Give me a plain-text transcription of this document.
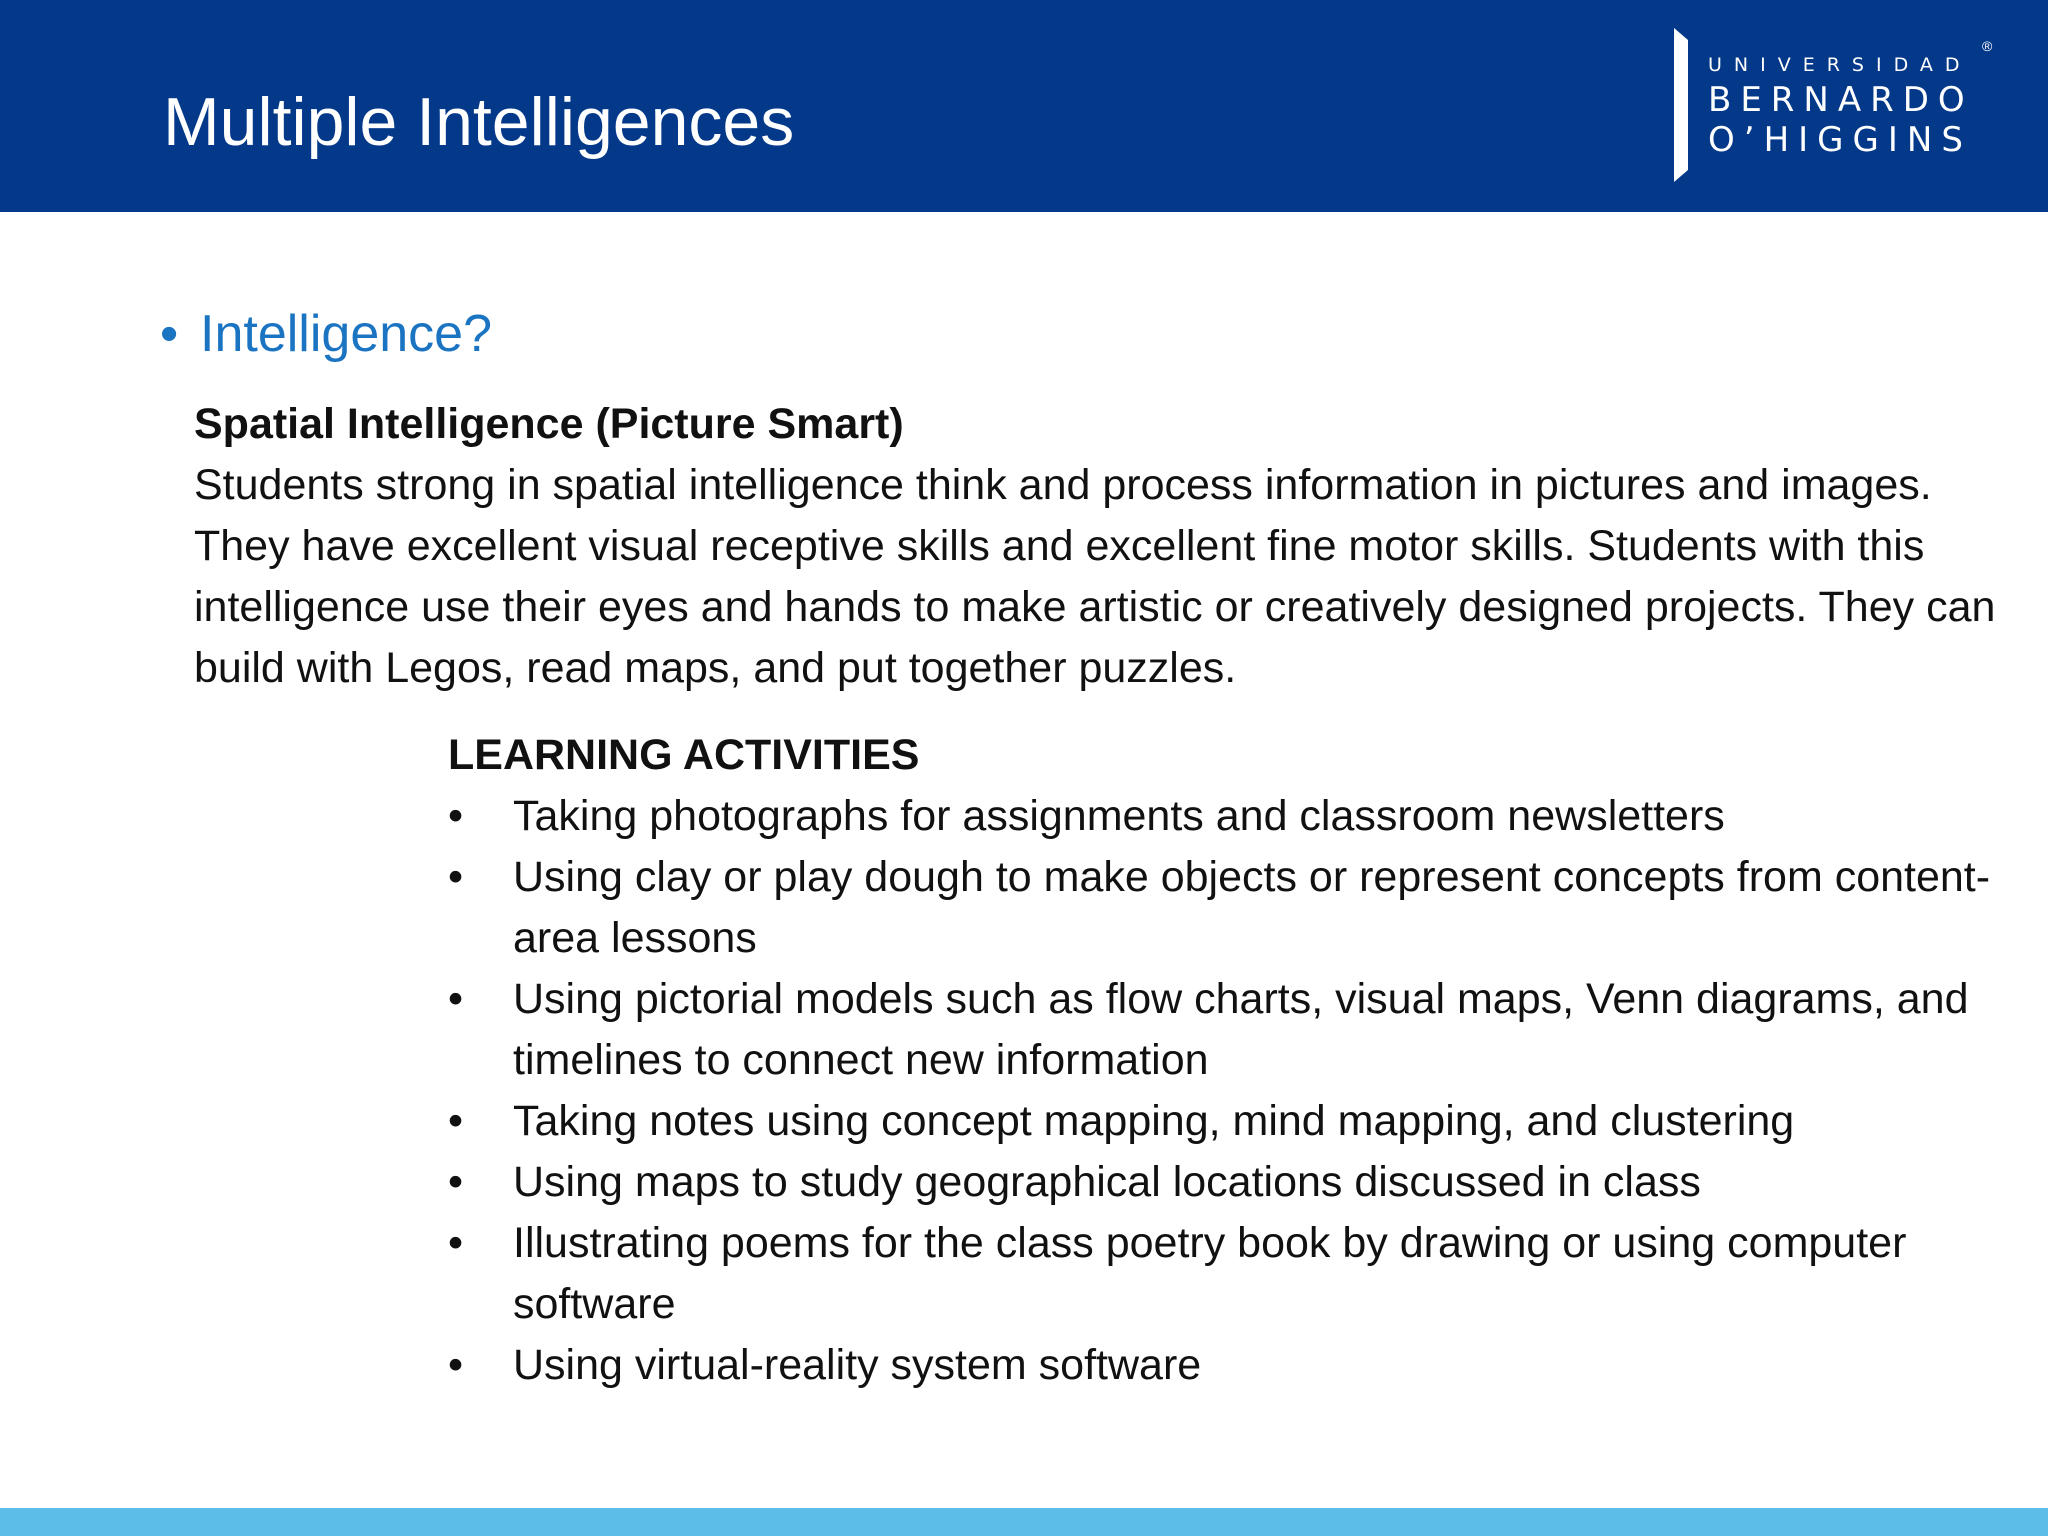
Multiple Intelligences
UNIVERSIDAD
BERNARDO
O’HIGGINS
®
• Intelligence?

Spatial Intelligence (Picture Smart)

Students strong in spatial intelligence think and process information in pictures and images. They have excellent visual receptive skills and excellent fine motor skills. Students with this intelligence use their eyes and hands to make artistic or creatively designed projects. They can build with Legos, read maps, and put together puzzles.

LEARNING ACTIVITIES

• Taking photographs for assignments and classroom newsletters
• Using clay or play dough to make objects or represent concepts from content-area lessons
• Using pictorial models such as flow charts, visual maps, Venn diagrams, and timelines to connect new information
• Taking notes using concept mapping, mind mapping, and clustering
• Using maps to study geographical locations discussed in class
• Illustrating poems for the class poetry book by drawing or using computer software
• Using virtual-reality system software
